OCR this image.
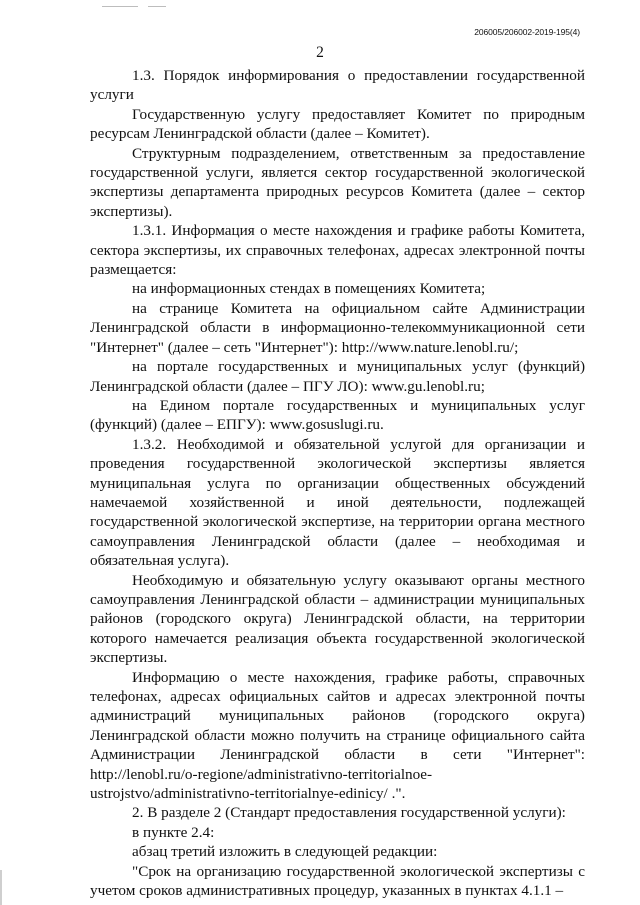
206005/206002-2019-195(4)
2

1.3. Порядок информирования о предоставлении государственной услуги

Государственную услугу предоставляет Комитет по природным ресурсам Ленинградской области (далее – Комитет).

Структурным подразделением, ответственным за предоставление государственной услуги, является сектор государственной экологической экспертизы департамента природных ресурсов Комитета (далее – сектор экспертизы).

1.3.1. Информация о месте нахождения и графике работы Комитета, сектора экспертизы, их справочных телефонах, адресах электронной почты размещается:

на информационных стендах в помещениях Комитета;

на странице Комитета на официальном сайте Администрации Ленинградской области в информационно-телекоммуникационной сети "Интернет" (далее – сеть "Интернет"): http://www.nature.lenobl.ru/;

на портале государственных и муниципальных услуг (функций) Ленинградской области (далее – ПГУ ЛО): www.gu.lenobl.ru;

на Едином портале государственных и муниципальных услуг (функций) (далее – ЕПГУ): www.gosuslugi.ru.

1.3.2. Необходимой и обязательной услугой для организации и проведения государственной экологической экспертизы является муниципальная услуга по организации общественных обсуждений намечаемой хозяйственной и иной деятельности, подлежащей государственной экологической экспертизе, на территории органа местного самоуправления Ленинградской области (далее – необходимая и обязательная услуга).

Необходимую и обязательную услугу оказывают органы местного самоуправления Ленинградской области – администрации муниципальных районов (городского округа) Ленинградской области, на территории которого намечается реализация объекта государственной экологической экспертизы.

Информацию о месте нахождения, графике работы, справочных телефонах, адресах официальных сайтов и адресах электронной почты администраций муниципальных районов (городского округа) Ленинградской области можно получить на странице официального сайта Администрации Ленинградской области в сети "Интернет": http://lenobl.ru/o-regione/administrativno-territorialnoe-ustrojstvo/administrativno-territorialnye-edinicy/ .".

2. В разделе 2 (Стандарт предоставления государственной услуги):

в пункте 2.4:

абзац третий изложить в следующей редакции:

"Срок на организацию государственной экологической экспертизы с учетом сроков административных процедур, указанных в пунктах 4.1.1 –
